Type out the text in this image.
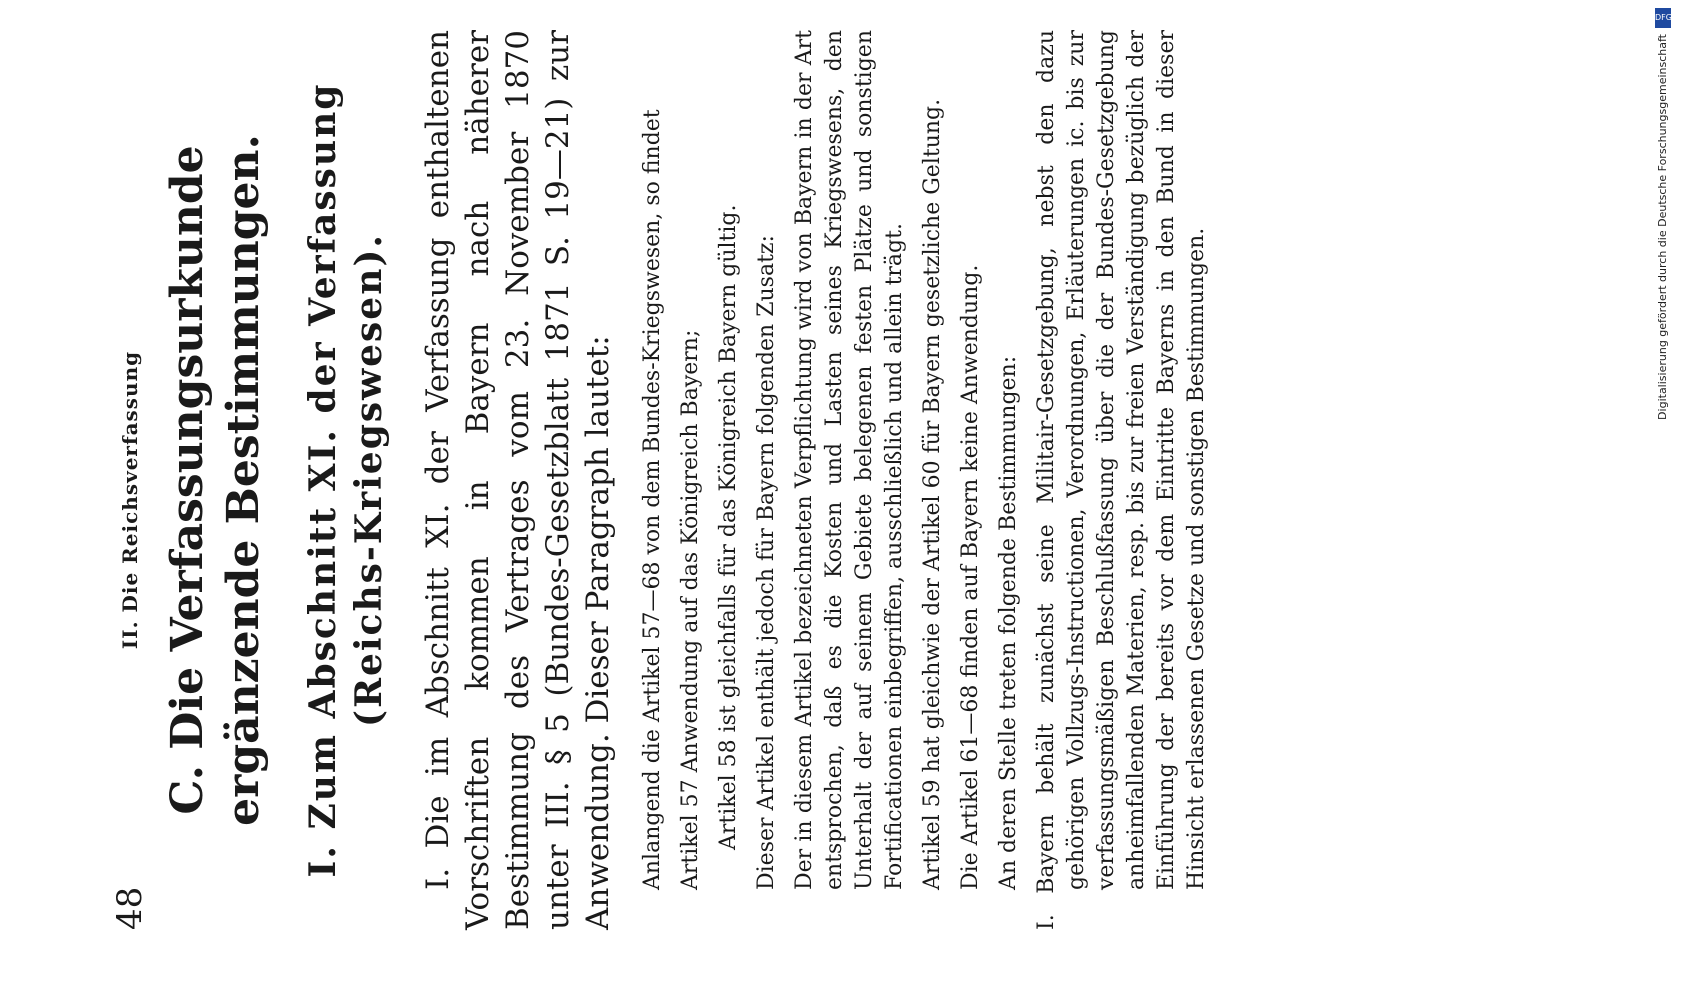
48
II. Die Reichsverfassung C. Die Verfassungsurkunde ergänzende Bestimmungen. I. Zum Abschnitt XI. der Verfassung (Reichs-Kriegswesen). I. Die im Abschnitt XI. der Verfassung enthaltenen Vorschriften kommen in Bayern nach näherer Bestimmung des Vertrages vom 23. November 1870 unter III. § 5 (Bundes-Gesetzblatt 1871 S. 19—21) zur Anwendung. Dieser Paragraph lautet: Anlangend die Artikel 57—68 von dem Bundes-Kriegswesen, so findet Artikel 57 Anwendung auf das Königreich Bayern; Artikel 58 ist gleichfalls für das Königreich Bayern gültig. Dieser Artikel enthält jedoch für Bayern folgenden Zusatz: Der in diesem Artikel bezeichneten Verpflichtung wird von Bayern in der Art entsprochen, daß es die Kosten und Lasten seines Kriegswesens, den Unterhalt der auf seinem Gebiete belegenen festen Plätze und sonstigen Fortificationen einbegriffen, ausschließlich und allein trägt. Artikel 59 hat gleichwie der Artikel 60 für Bayern gesetzliche Geltung. Die Artikel 61—68 finden auf Bayern keine Anwendung. An deren Stelle treten folgende Bestimmungen: I. Bayern behält zunächst seine Militair-Gesetzgebung, nebst den dazu gehörigen Vollzugs-Instructionen, Verordnungen, Erläuterungen ic. bis zur verfassungsmäßigen Beschlußfassung über die der Bundes-Gesetzgebung anheimfallenden Materien, resp. bis zur freien Verständigung bezüglich der Einführung der bereits vor dem Eintritte Bayerns in den Bund in dieser Hinsicht erlassenen Gesetze und sonstigen Bestimmungen.

DFG
Digitalisierung gefördert durch die Deutsche Forschungsgemeinschaft
